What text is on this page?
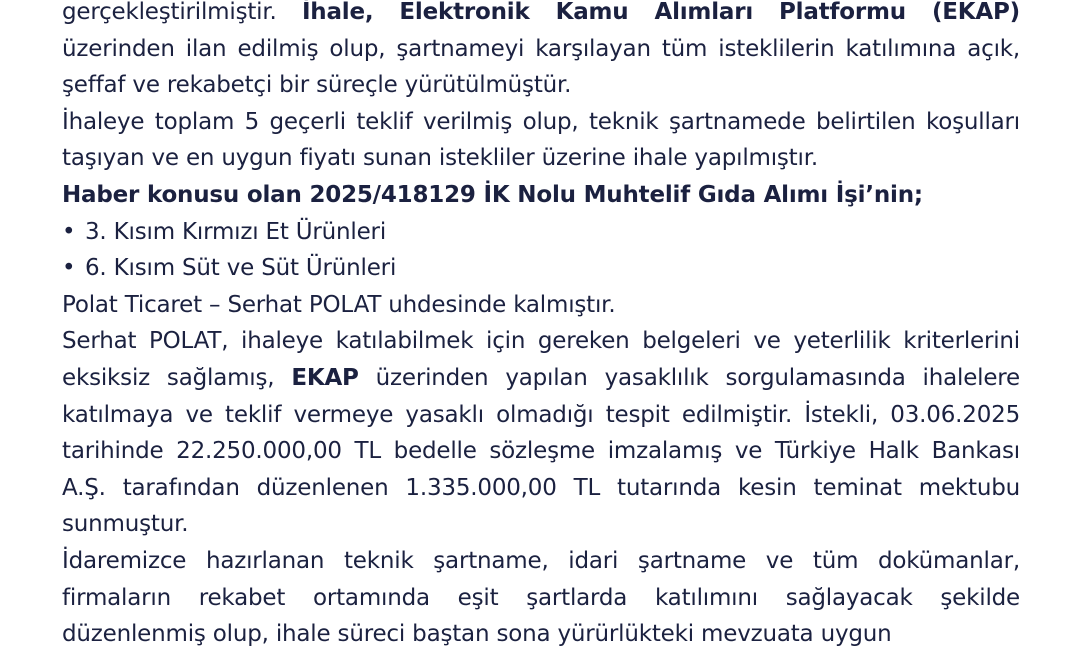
gerçekleştirilmiştir. İhale, Elektronik Kamu Alımları Platformu (EKAP) üzerinden ilan edilmiş olup, şartnameyi karşılayan tüm isteklilerin katılımına açık, şeffaf ve rekabetçi bir süreçle yürütülmüştür.

İhaleye toplam 5 geçerli teklif verilmiş olup, teknik şartnamede belirtilen koşulları taşıyan ve en uygun fiyatı sunan istekliler üzerine ihale yapılmıştır.

Haber konusu olan 2025/418129 İK Nolu Muhtelif Gıda Alımı İşi’nin;

• 3. Kısım Kırmızı Et Ürünleri
• 6. Kısım Süt ve Süt Ürünleri

Polat Ticaret – Serhat POLAT uhdesinde kalmıştır.

Serhat POLAT, ihaleye katılabilmek için gereken belgeleri ve yeterlilik kriterlerini eksiksiz sağlamış, EKAP üzerinden yapılan yasaklılık sorgulamasında ihalelere katılmaya ve teklif vermeye yasaklı olmadığı tespit edilmiştir. İstekli, 03.06.2025 tarihinde 22.250.000,00 TL bedelle sözleşme imzalamış ve Türkiye Halk Bankası A.Ş. tarafından düzenlenen 1.335.000,00 TL tutarında kesin teminat mektubu sunmuştur.

İdaremizce hazırlanan teknik şartname, idari şartname ve tüm dokümanlar, firmaların rekabet ortamında eşit şartlarda katılımını sağlayacak şekilde düzenlenmiş olup, ihale süreci baştan sona yürürlükteki mevzuata uygun
